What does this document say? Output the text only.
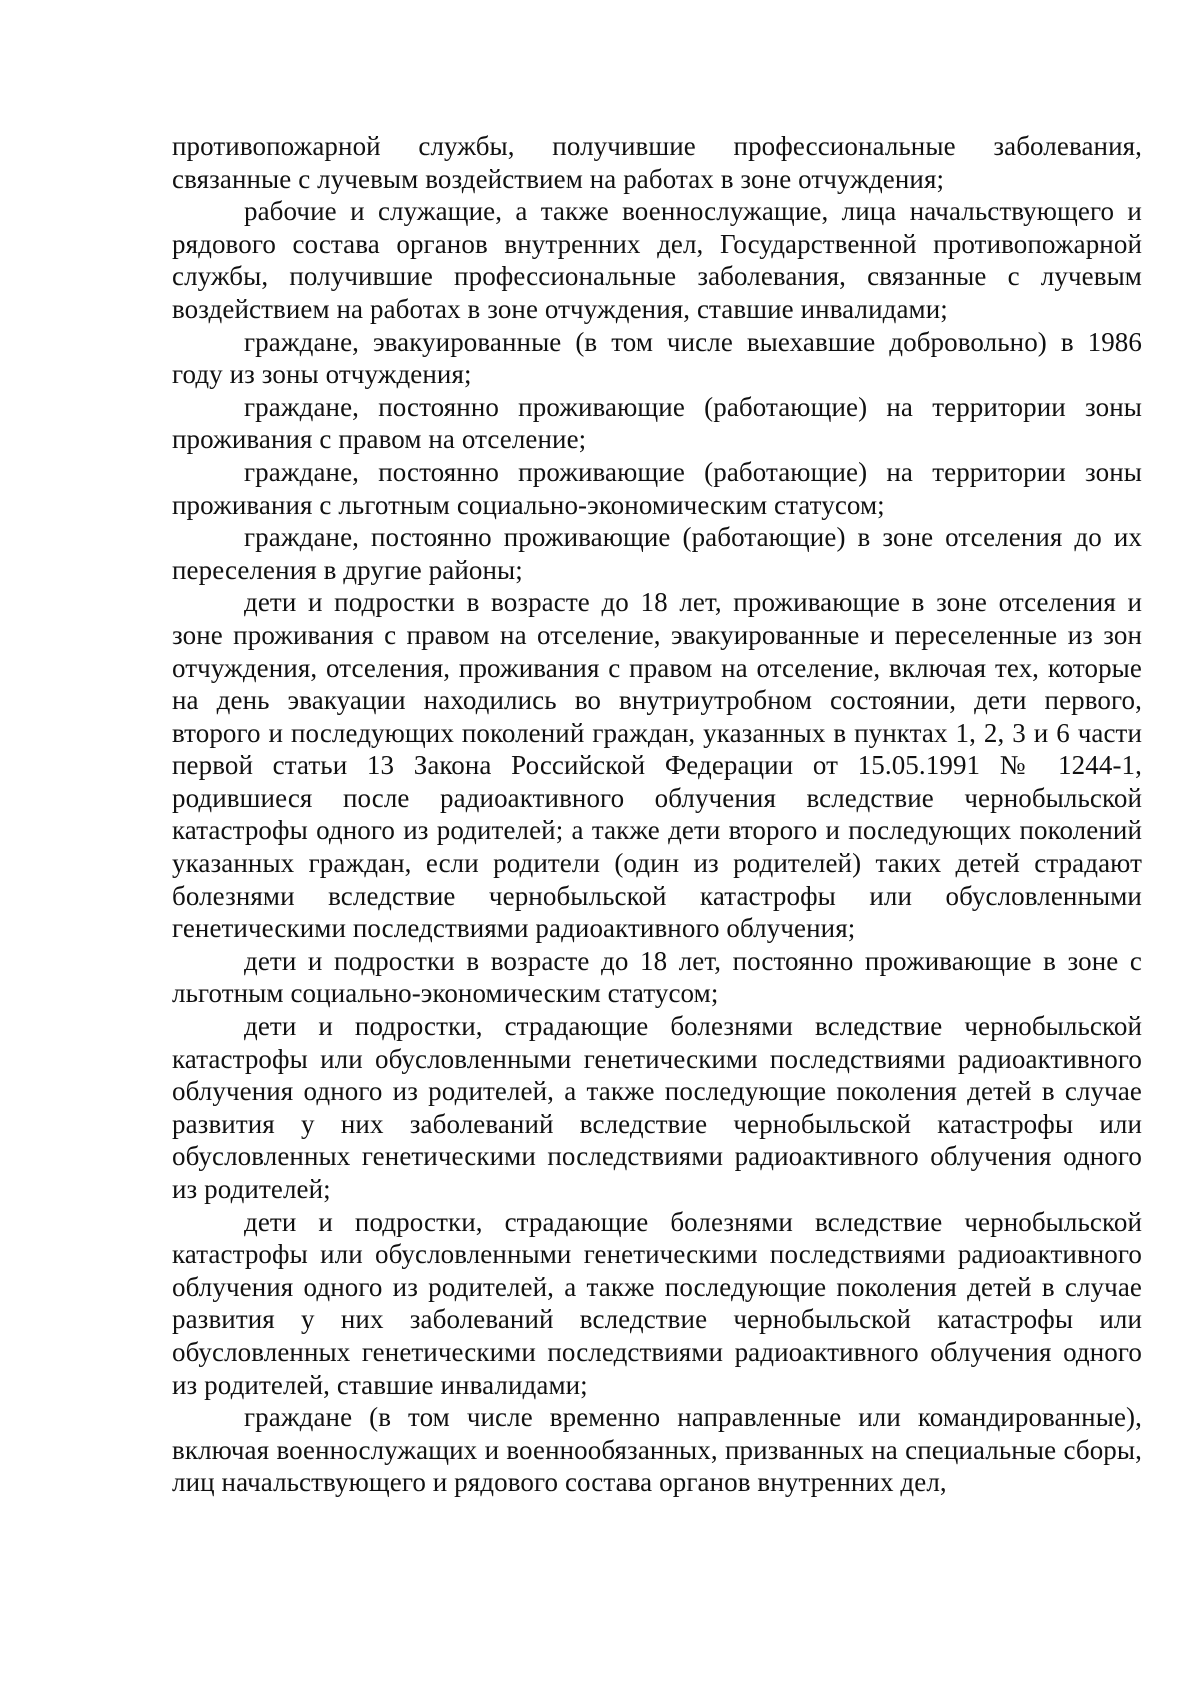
противопожарной службы, получившие профессиональные заболевания, связанные с лучевым воздействием на работах в зоне отчуждения;

рабочие и служащие, а также военнослужащие, лица начальствующего и рядового состава органов внутренних дел, Государственной противопожарной службы, получившие профессиональные заболевания, связанные с лучевым воздействием на работах в зоне отчуждения, ставшие инвалидами;

граждане, эвакуированные (в том числе выехавшие добровольно) в 1986 году из зоны отчуждения;

граждане, постоянно проживающие (работающие) на территории зоны проживания с правом на отселение;

граждане, постоянно проживающие (работающие) на территории зоны проживания с льготным социально-экономическим статусом;

граждане, постоянно проживающие (работающие) в зоне отселения до их переселения в другие районы;

дети и подростки в возрасте до 18 лет, проживающие в зоне отселения и зоне проживания с правом на отселение, эвакуированные и переселенные из зон отчуждения, отселения, проживания с правом на отселение, включая тех, которые на день эвакуации находились во внутриутробном состоянии, дети первого, второго и последующих поколений граждан, указанных в пунктах 1, 2, 3 и 6 части первой статьи 13 Закона Российской Федерации от 15.05.1991 № 1244-1, родившиеся после радиоактивного облучения вследствие чернобыльской катастрофы одного из родителей; а также дети второго и последующих поколений указанных граждан, если родители (один из родителей) таких детей страдают болезнями вследствие чернобыльской катастрофы или обусловленными генетическими последствиями радиоактивного облучения;

дети и подростки в возрасте до 18 лет, постоянно проживающие в зоне с льготным социально-экономическим статусом;

дети и подростки, страдающие болезнями вследствие чернобыльской катастрофы или обусловленными генетическими последствиями радиоактивного облучения одного из родителей, а также последующие поколения детей в случае развития у них заболеваний вследствие чернобыльской катастрофы или обусловленных генетическими последствиями радиоактивного облучения одного из родителей;

дети и подростки, страдающие болезнями вследствие чернобыльской катастрофы или обусловленными генетическими последствиями радиоактивного облучения одного из родителей, а также последующие поколения детей в случае развития у них заболеваний вследствие чернобыльской катастрофы или обусловленных генетическими последствиями радиоактивного облучения одного из родителей, ставшие инвалидами;

граждане (в том числе временно направленные или командированные), включая военнослужащих и военнообязанных, призванных на специальные сборы, лиц начальствующего и рядового состава органов внутренних дел,
